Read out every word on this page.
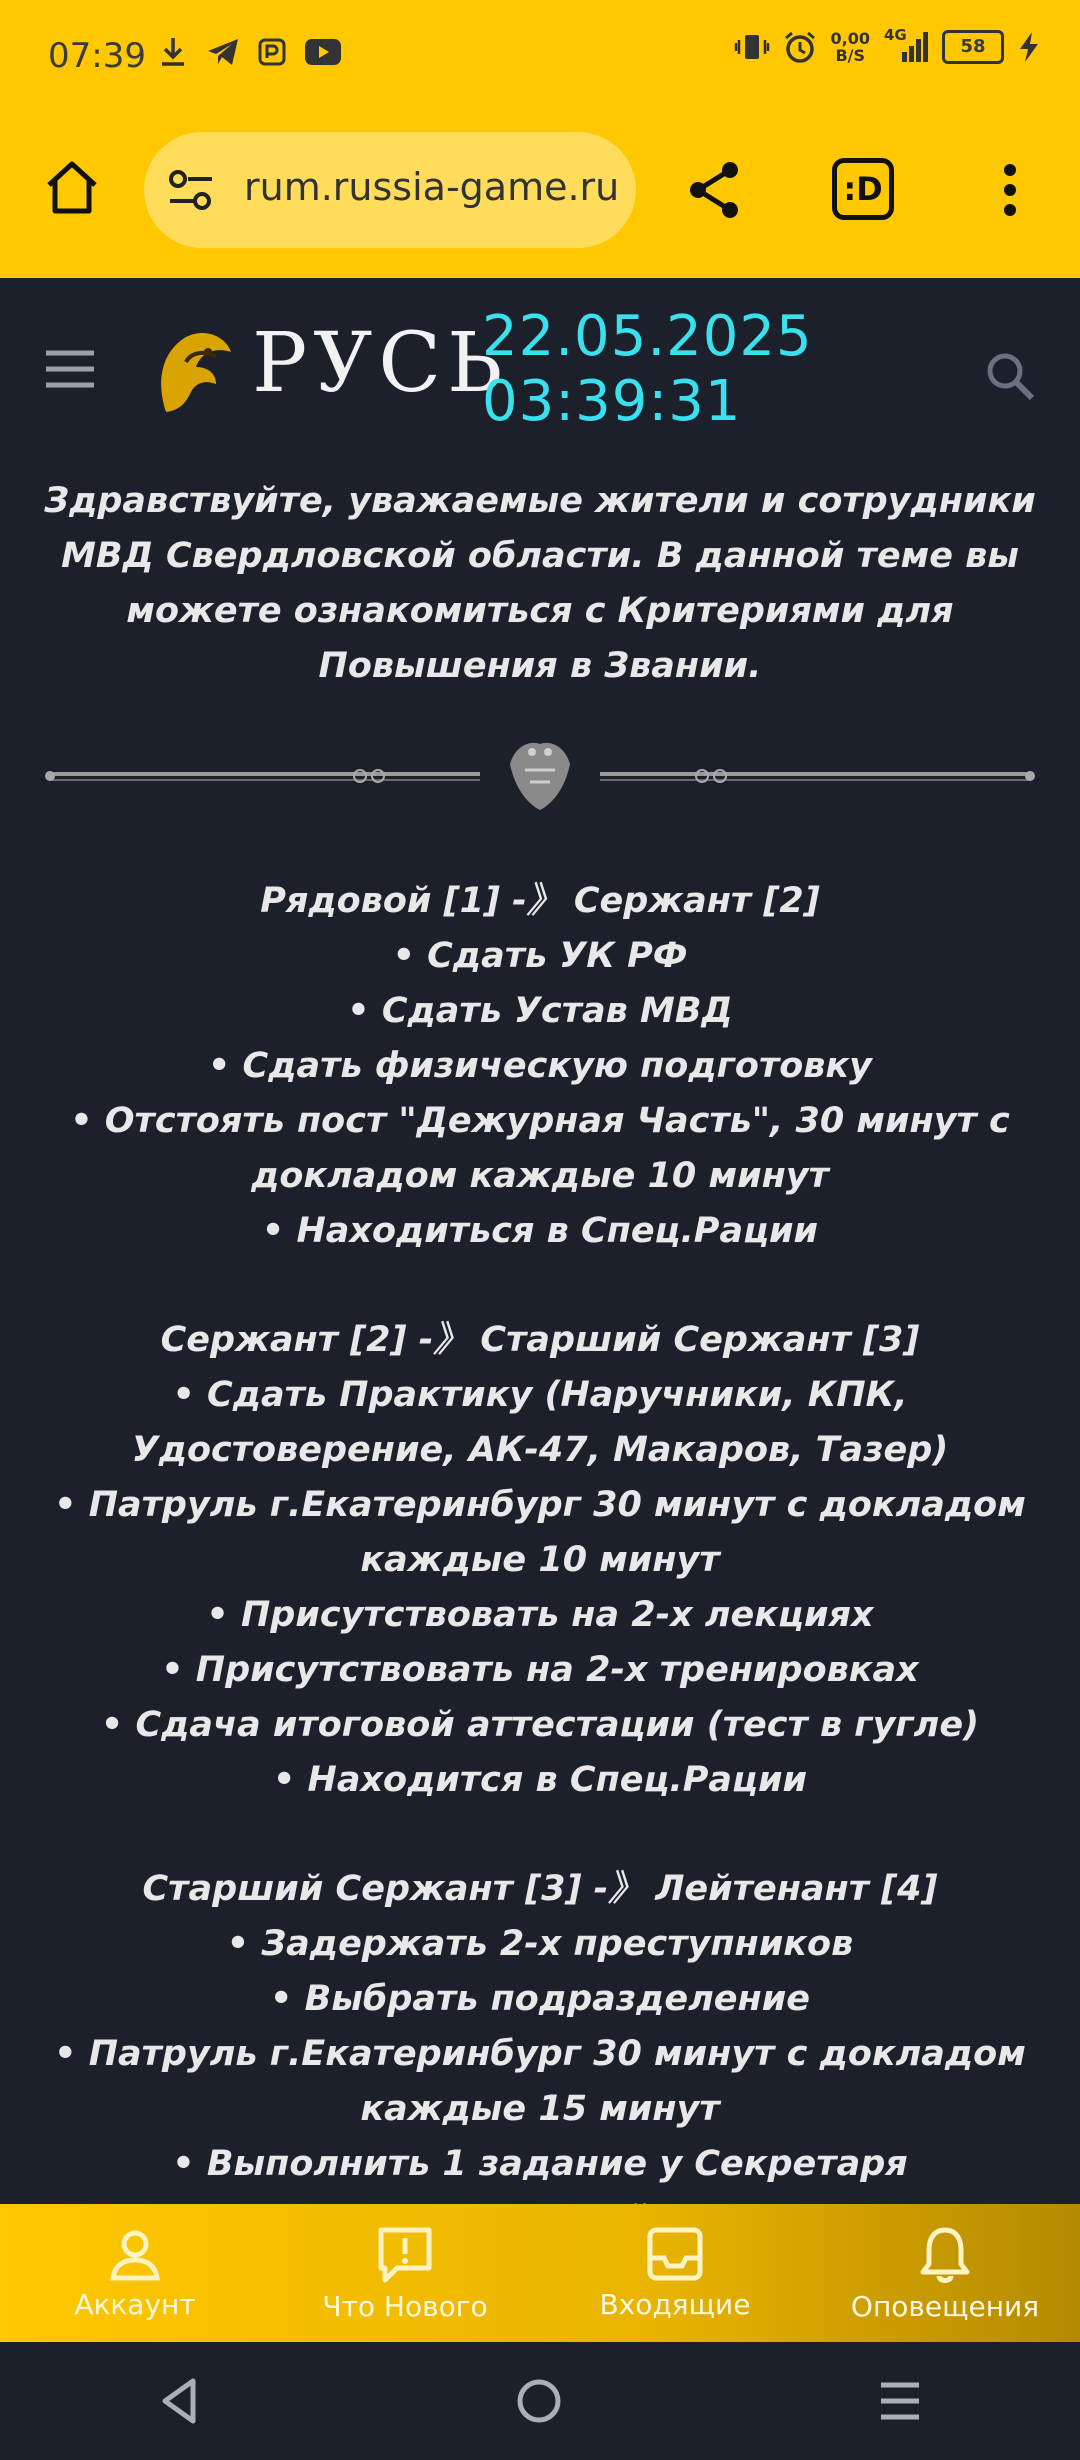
07:39	0,00
B/S
4G
58
rum.russia-game.ru	:D
РУСЬ
22.05.2025 03:39:31

Здравствуйте, уважаемые жители и сотрудники МВД Свердловской области. В данной теме вы можете ознакомиться с Критериями для Повышения в Звании.

Рядовой [1] -》 Сержант [2]

• Сдать УК РФ

• Сдать Устав МВД

• Сдать физическую подготовку

• Отстоять пост "Дежурная Часть", 30 минут с докладом каждые 10 минут

• Находиться в Спец.Рации

Сержант [2] -》 Старший Сержант [3]

• Сдать Практику (Наручники, КПК, Удостоверение, АК-47, Макаров, Тазер)

• Патруль г.Екатеринбург 30 минут с докладом каждые 10 минут

• Присутствовать на 2-х лекциях

• Присутствовать на 2-х тренировках

• Сдача итоговой аттестации (тест в гугле)

• Находится в Спец.Рации

Старший Сержант [3] -》 Лейтенант [4]

• Задержать 2-х преступников

• Выбрать подразделение

• Патруль г.Екатеринбург 30 минут с докладом каждые 15 минут

• Выполнить 1 задание у Секретаря

Аккаунт	Что Нового	Входящие	Оповещения
